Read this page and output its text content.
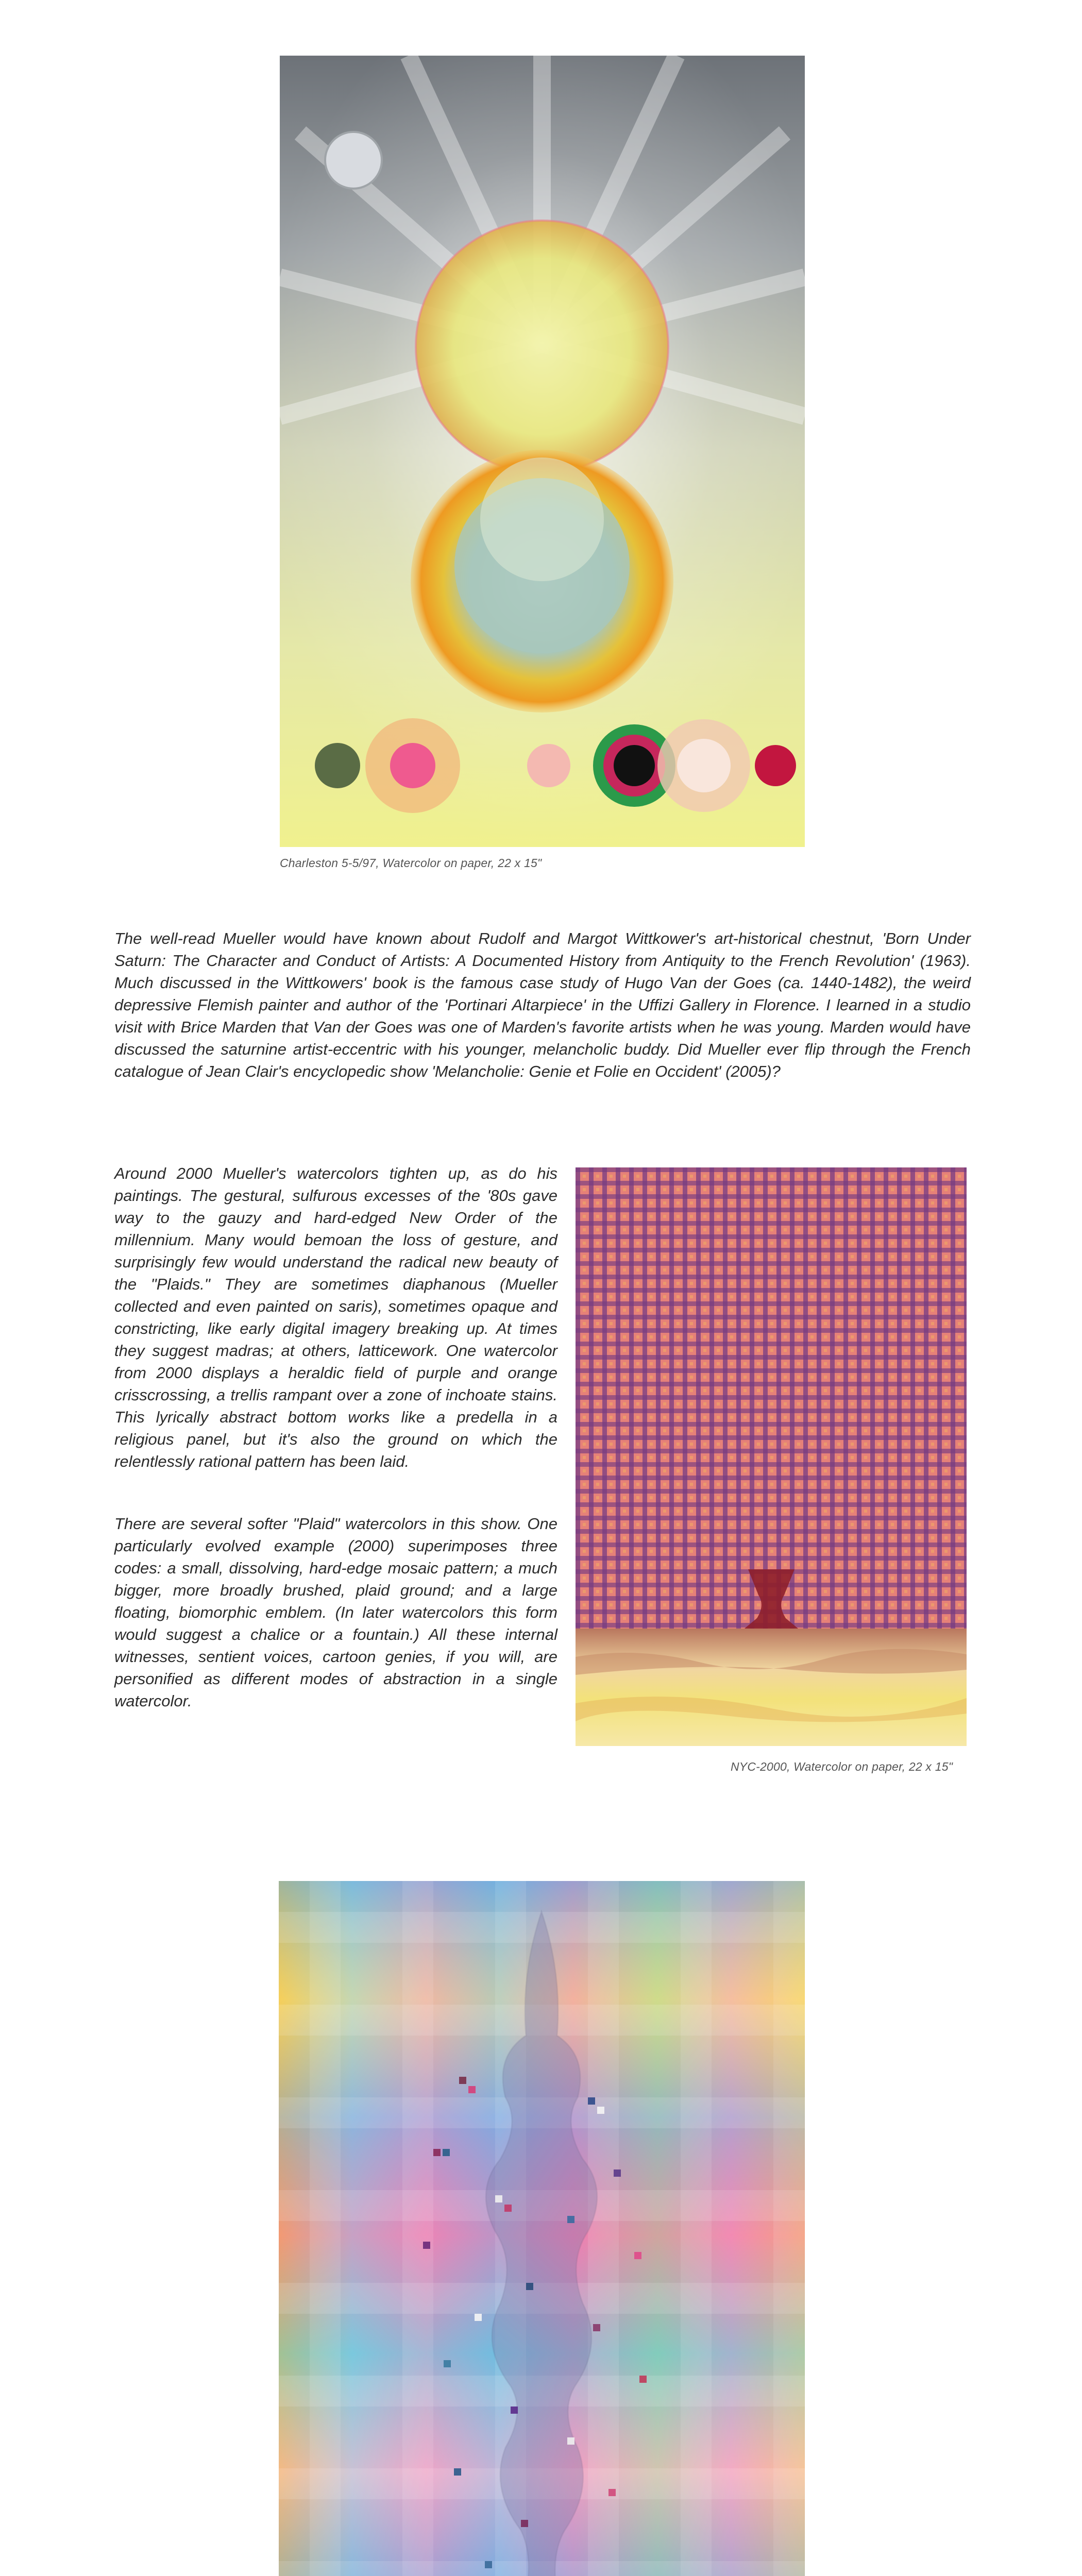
Charleston 5-5/97, Watercolor on paper, 22 x 15"

The well-read Mueller would have known about Rudolf and Margot Wittkower's art-historical chestnut, 'Born Under Saturn: The Character and Conduct of Artists: A Documented History from Antiquity to the French Revolution' (1963). Much discussed in the Wittkowers' book is the famous case study of Hugo Van der Goes (ca. 1440-1482), the weird depressive Flemish painter and author of the 'Portinari Altarpiece' in the Uffizi Gallery in Florence. I learned in a studio visit with Brice Marden that Van der Goes was one of Marden's favorite artists when he was young. Marden would have discussed the saturnine artist-eccentric with his younger, melancholic buddy. Did Mueller ever flip through the French catalogue of Jean Clair's encyclopedic show 'Melancholie: Genie et Folie en Occident' (2005)?

Around 2000 Mueller's watercolors tighten up, as do his paintings. The gestural, sulfurous excesses of the '80s gave way to the gauzy and hard-edged New Order of the millennium. Many would bemoan the loss of gesture, and surprisingly few would understand the radical new beauty of the "Plaids." They are sometimes diaphanous (Mueller collected and even painted on saris), sometimes opaque and constricting, like early digital imagery breaking up. At times they suggest madras; at others, latticework. One watercolor from 2000 displays a heraldic field of purple and orange crisscrossing, a trellis rampant over a zone of inchoate stains. This lyrically abstract bottom works like a predella in a religious panel, but it's also the ground on which the relentlessly rational pattern has been laid.

There are several softer "Plaid" watercolors in this show. One particularly evolved example (2000) superimposes three codes: a small, dissolving, hard-edge mosaic pattern; a much bigger, more broadly brushed, plaid ground; and a large floating, biomorphic emblem. (In later watercolors this form would suggest a chalice or a fountain.) All these internal witnesses, sentient voices, cartoon genies, if you will, are personified as different modes of abstraction in a single watercolor.

NYC-2000, Watercolor on paper, 22 x 15"
